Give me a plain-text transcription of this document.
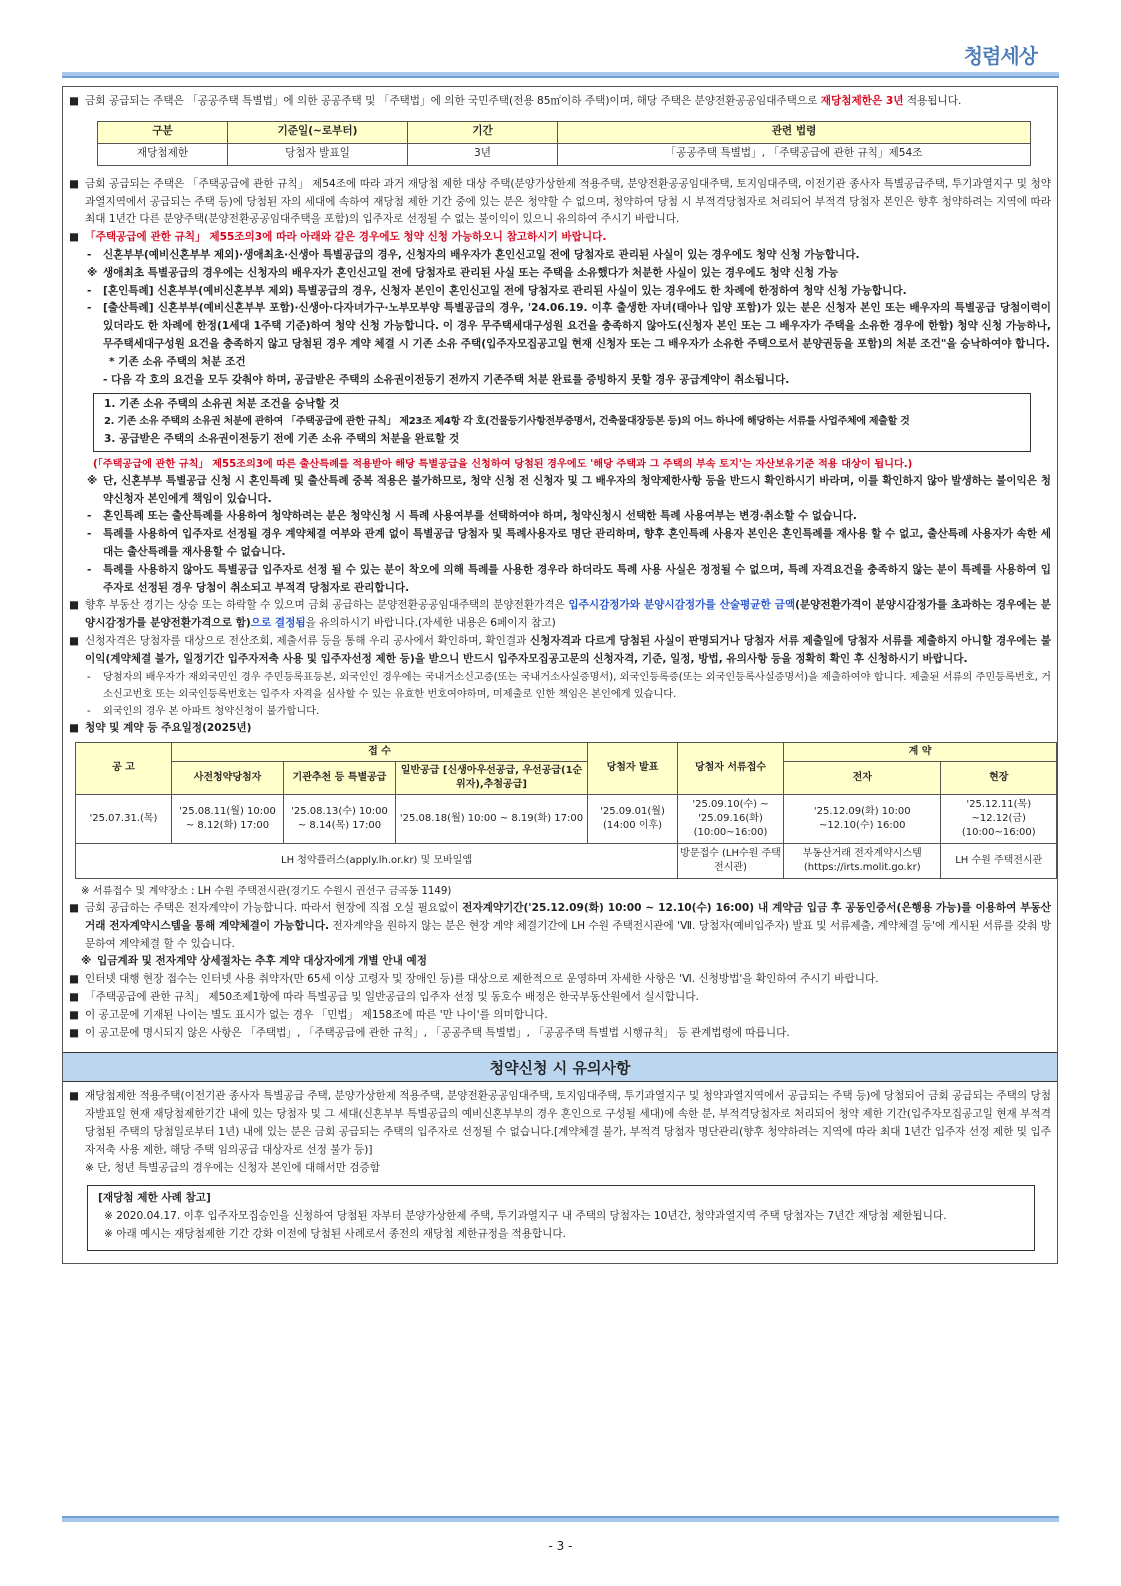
청렴세상
■ 금회 공급되는 주택은 「공공주택 특별법」에 의한 공공주택 및 「주택법」에 의한 국민주택(전용 85㎡이하 주택)이며, 해당 주택은 분양전환공공임대주택으로 재당첨제한은 3년 적용됩니다.
구분	기준일(~로부터)	기간	관련 법령
재당첨제한	당첨자 발표일	3년	「공공주택 특별법」, 「주택공급에 관한 규칙」제54조
■ 금회 공급되는 주택은 「주택공급에 관한 규칙」 제54조에 따라 과거 재당첨 제한 대상 주택(분양가상한제 적용주택, 분양전환공공임대주택, 토지임대주택, 이전기관 종사자 특별공급주택, 투기과열지구 및 청약과열지역에서 공급되는 주택 등)에 당첨된 자의 세대에 속하여 재당첨 제한 기간 중에 있는 분은 청약할 수 없으며, 청약하여 당첨 시 부적격당첨자로 처리되어 부적격 당첨자 본인은 향후 청약하려는 지역에 따라 최대 1년간 다른 분양주택(분양전환공공임대주택을 포함)의 입주자로 선정될 수 없는 불이익이 있으니 유의하여 주시기 바랍니다.
■ 「주택공급에 관한 규칙」 제55조의3에 따라 아래와 같은 경우에도 청약 신청 가능하오니 참고하시기 바랍니다.
- 신혼부부(예비신혼부부 제외)·생애최초·신생아 특별공급의 경우, 신청자의 배우자가 혼인신고일 전에 당첨자로 관리된 사실이 있는 경우에도 청약 신청 가능합니다.
※ 생애최초 특별공급의 경우에는 신청자의 배우자가 혼인신고일 전에 당첨자로 관리된 사실 또는 주택을 소유했다가 처분한 사실이 있는 경우에도 청약 신청 가능
- [혼인특례] 신혼부부(예비신혼부부 제외) 특별공급의 경우, 신청자 본인이 혼인신고일 전에 당첨자로 관리된 사실이 있는 경우에도 한 차례에 한정하여 청약 신청 가능합니다.
- [출산특례] 신혼부부(예비신혼부부 포함)·신생아·다자녀가구·노부모부양 특별공급의 경우, '24.06.19. 이후 출생한 자녀(태아나 입양 포함)가 있는 분은 신청자 본인 또는 배우자의 특별공급 당첨이력이 있더라도 한 차례에 한정(1세대 1주택 기준)하여 청약 신청 가능합니다. 이 경우 무주택세대구성원 요건을 충족하지 않아도(신청자 본인 또는 그 배우자가 주택을 소유한 경우에 한함) 청약 신청 가능하나, 무주택세대구성원 요건을 충족하지 않고 당첨된 경우 계약 체결 시 기존 소유 주택(입주자모집공고일 현재 신청자 또는 그 배우자가 소유한 주택으로서 분양권등을 포함)의 처분 조건"을 승낙하여야 합니다.
* 기존 소유 주택의 처분 조건
- 다음 각 호의 요건을 모두 갖춰야 하며, 공급받은 주택의 소유권이전등기 전까지 기존주택 처분 완료를 증빙하지 못할 경우 공급계약이 취소됩니다.
1. 기존 소유 주택의 소유권 처분 조건을 승낙할 것
2. 기존 소유 주택의 소유권 처분에 관하여 「주택공급에 관한 규칙」 제23조 제4항 각 호(건물등기사항전부증명서, 건축물대장등본 등)의 어느 하나에 해당하는 서류를 사업주체에 제출할 것
3. 공급받은 주택의 소유권이전등기 전에 기존 소유 주택의 처분을 완료할 것
(「주택공급에 관한 규칙」 제55조의3에 따른 출산특례를 적용받아 해당 특별공급을 신청하여 당첨된 경우에도 '해당 주택과 그 주택의 부속 토지'는 자산보유기준 적용 대상이 됩니다.)
※ 단, 신혼부부 특별공급 신청 시 혼인특례 및 출산특례 중복 적용은 불가하므로, 청약 신청 전 신청자 및 그 배우자의 청약제한사항 등을 반드시 확인하시기 바라며, 이를 확인하지 않아 발생하는 불이익은 청약신청자 본인에게 책임이 있습니다.
- 혼인특례 또는 출산특례를 사용하여 청약하려는 분은 청약신청 시 특례 사용여부를 선택하여야 하며, 청약신청시 선택한 특례 사용여부는 변경·취소할 수 없습니다.
- 특례를 사용하여 입주자로 선정될 경우 계약체결 여부와 관계 없이 특별공급 당첨자 및 특례사용자로 명단 관리하며, 향후 혼인특례 사용자 본인은 혼인특례를 재사용 할 수 없고, 출산특례 사용자가 속한 세대는 출산특례를 재사용할 수 없습니다.
- 특례를 사용하지 않아도 특별공급 입주자로 선정 될 수 있는 분이 착오에 의해 특례를 사용한 경우라 하더라도 특례 사용 사실은 정정될 수 없으며, 특례 자격요건을 충족하지 않는 분이 특례를 사용하여 입주자로 선정된 경우 당첨이 취소되고 부적격 당첨자로 관리합니다.
■ 향후 부동산 경기는 상승 또는 하락할 수 있으며 금회 공급하는 분양전환공공임대주택의 분양전환가격은 입주시감정가와 분양시감정가를 산술평균한 금액(분양전환가격이 분양시감정가를 초과하는 경우에는 분양시감정가를 분양전환가격으로 함)으로 결정됨을 유의하시기 바랍니다.(자세한 내용은 6페이지 참고)
■ 신청자격은 당첨자를 대상으로 전산조회, 제출서류 등을 통해 우리 공사에서 확인하며, 확인결과 신청자격과 다르게 당첨된 사실이 판명되거나 당첨자 서류 제출일에 당첨자 서류를 제출하지 아니할 경우에는 불이익(계약체결 불가, 일정기간 입주자저축 사용 및 입주자선정 제한 등)을 받으니 반드시 입주자모집공고문의 신청자격, 기준, 일정, 방법, 유의사항 등을 정확히 확인 후 신청하시기 바랍니다.
- 당첨자의 배우자가 재외국민인 경우 주민등록표등본, 외국인인 경우에는 국내거소신고증(또는 국내거소사실증명서), 외국인등록증(또는 외국인등록사실증명서)을 제출하여야 합니다. 제출된 서류의 주민등록번호, 거소신고번호 또는 외국인등록번호는 입주자 자격을 심사할 수 있는 유효한 번호여야하며, 미제출로 인한 책임은 본인에게 있습니다.
- 외국인의 경우 본 아파트 청약신청이 불가합니다.
■ 청약 및 계약 등 주요일정(2025년)
공 고	접 수			당첨자 발표	당첨자 서류접수	계 약	
	사전청약당첨자	기관추천 등 특별공급	일반공급 [신생아우선공급, 우선공급(1순위자),추첨공급]			전자	현장
'25.07.31.(목)	'25.08.11(월) 10:00 ~ 8.12(화) 17:00	'25.08.13(수) 10:00 ~ 8.14(목) 17:00	'25.08.18(월) 10:00 ~ 8.19(화) 17:00	'25.09.01(월) (14:00 이후)	'25.09.10(수) ~ '25.09.16(화) (10:00~16:00)	'25.12.09(화) 10:00 ~12.10(수) 16:00	'25.12.11(목) ~12.12(금) (10:00~16:00)
LH 청약플러스(apply.lh.or.kr) 및 모바일앱					방문접수 (LH수원 주택전시관)	부동산거래 전자계약시스템 (https://irts.molit.go.kr)	LH 수원 주택전시관
※ 서류접수 및 계약장소 : LH 수원 주택전시관(경기도 수원시 권선구 금곡동 1149)
■ 금회 공급하는 주택은 전자계약이 가능합니다. 따라서 현장에 직접 오실 필요없이 전자계약기간('25.12.09(화) 10:00 ~ 12.10(수) 16:00) 내 계약금 입금 후 공동인증서(은행용 가능)를 이용하여 부동산거래 전자계약시스템을 통해 계약체결이 가능합니다. 전자계약을 원하지 않는 분은 현장 계약 체결기간에 LH 수원 주택전시관에 'Ⅶ. 당첨자(예비입주자) 발표 및 서류제출, 계약체결 등'에 게시된 서류를 갖춰 방문하여 계약체결 할 수 있습니다.
※ 입금계좌 및 전자계약 상세절차는 추후 계약 대상자에게 개별 안내 예정
■ 인터넷 대행 현장 접수는 인터넷 사용 취약자(만 65세 이상 고령자 및 장애인 등)를 대상으로 제한적으로 운영하며 자세한 사항은 'Ⅵ. 신청방법'을 확인하여 주시기 바랍니다.
■ 「주택공급에 관한 규칙」 제50조제1항에 따라 특별공급 및 일반공급의 입주자 선정 및 동호수 배정은 한국부동산원에서 실시합니다.
■ 이 공고문에 기재된 나이는 별도 표시가 없는 경우 「민법」 제158조에 따른 '만 나이'를 의미합니다.
■ 이 공고문에 명시되지 않은 사항은 「주택법」, 「주택공급에 관한 규칙」, 「공공주택 특별법」, 「공공주택 특별법 시행규칙」 등 관계법령에 따릅니다.
청약신청 시 유의사항
■ 재당첨제한 적용주택(이전기관 종사자 특별공급 주택, 분양가상한제 적용주택, 분양전환공공임대주택, 토지임대주택, 투기과열지구 및 청약과열지역에서 공급되는 주택 등)에 당첨되어 금회 공급되는 주택의 당첨자발표일 현재 재당첨제한기간 내에 있는 당첨자 및 그 세대(신혼부부 특별공급의 예비신혼부부의 경우 혼인으로 구성될 세대)에 속한 분, 부적격당첨자로 처리되어 청약 제한 기간(입주자모집공고일 현재 부적격당첨된 주택의 당첨일로부터 1년) 내에 있는 분은 금회 공급되는 주택의 입주자로 선정될 수 없습니다.[계약체결 불가, 부적격 당첨자 명단관리(향후 청약하려는 지역에 따라 최대 1년간 입주자 선정 제한 및 입주자저축 사용 제한, 해당 주택 임의공급 대상자로 선정 불가 등)]
※ 단, 청년 특별공급의 경우에는 신청자 본인에 대해서만 검증함
[재당첨 제한 사례 참고]
※ 2020.04.17. 이후 입주자모집승인을 신청하여 당첨된 자부터 분양가상한제 주택, 투기과열지구 내 주택의 당첨자는 10년간, 청약과열지역 주택 당첨자는 7년간 재당첨 제한됩니다.
※ 아래 예시는 재당첨제한 기간 강화 이전에 당첨된 사례로서 종전의 재당첨 제한규정을 적용합니다.
- 3 -
